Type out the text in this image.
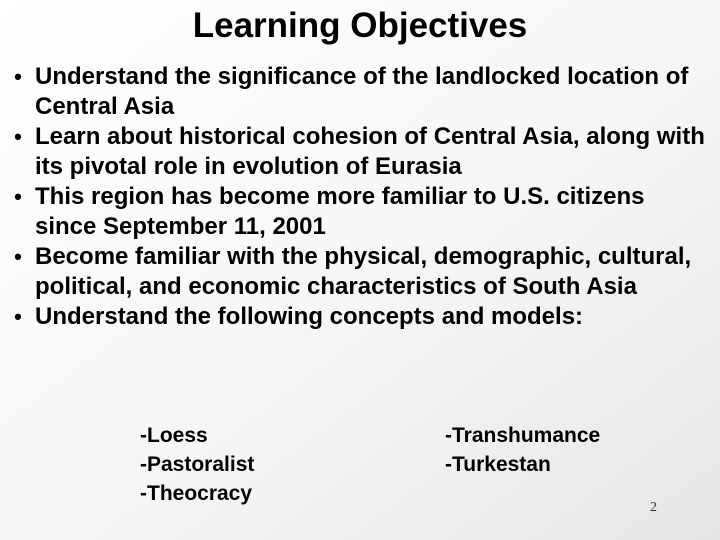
Learning Objectives
• Understand the significance of the landlocked location of Central Asia
• Learn about historical cohesion of Central Asia, along with its pivotal role in evolution of Eurasia
• This region has become more familiar to U.S. citizens since September 11, 2001
• Become familiar with the physical, demographic, cultural, political, and economic characteristics of South Asia
• Understand the following concepts and models:
-Loess
-Pastoralist
-Theocracy
-Transhumance
-Turkestan
2
